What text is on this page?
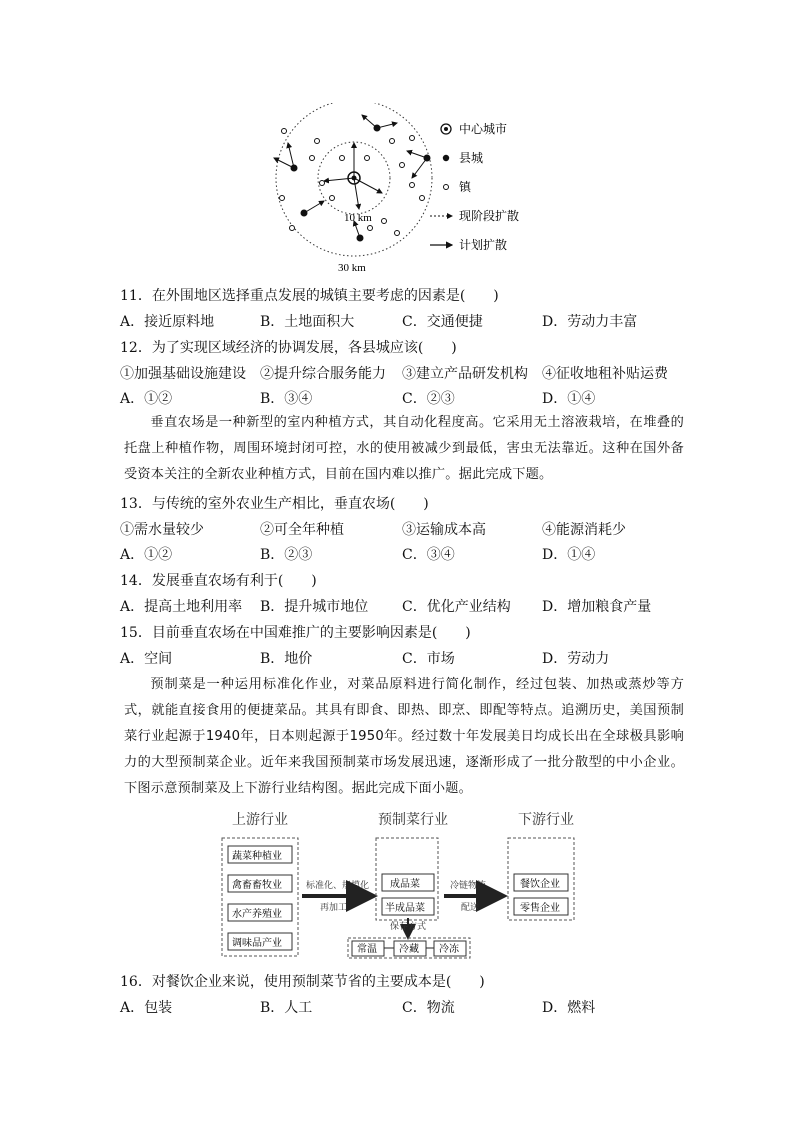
10 km
30 km
中心城市
县城
镇
现阶段扩散
计划扩散
11．在外围地区选择重点发展的城镇主要考虑的因素是(　　)
A．接近原料地	B．土地面积大	C．交通便捷	D．劳动力丰富
12．为了实现区域经济的协调发展，各县城应该(　　)
①加强基础设施建设 ②提升综合服务能力 ③建立产品研发机构 ④征收地租补贴运费
A．①②	B．③④	C．②③	D．①④
垂直农场是一种新型的室内种植方式，其自动化程度高。它采用无土溶液栽培，在堆叠的托盘上种植作物，周围环境封闭可控，水的使用被减少到最低，害虫无法靠近。这种在国外备受资本关注的全新农业种植方式，目前在国内难以推广。据此完成下题。
13．与传统的室外农业生产相比，垂直农场(　　)
①需水量较少	②可全年种植	③运输成本高	④能源消耗少
A．①②	B．②③	C．③④	D．①④
14．发展垂直农场有利于(　　)
A．提高土地利用率 B．提升城市地位 C．优化产业结构 D．增加粮食产量
15．目前垂直农场在中国难推广的主要影响因素是(　　)
A．空间	B．地价	C．市场	D．劳动力
预制菜是一种运用标准化作业，对菜品原料进行简化制作，经过包装、加热或蒸炒等方式，就能直接食用的便捷菜品。其具有即食、即热、即烹、即配等特点。追溯历史，美国预制菜行业起源于1940年，日本则起源于1950年。经过数十年发展美日均成长出在全球极具影响力的大型预制菜企业。近年来我国预制菜市场发展迅速，逐渐形成了一批分散型的中小企业。下图示意预制菜及上下游行业结构图。据此完成下面小题。
上游行业	预制菜行业	下游行业
蔬菜种植业
禽畜畜牧业
水产养殖业
调味品产业
标准化、规模化
再加工
成品菜
半成品菜
冷链物流
配送
餐饮企业
零售企业
保存方式
常温 冷藏 冷冻
16．对餐饮企业来说，使用预制菜节省的主要成本是(　　)
A．包装	B．人工	C．物流	D．燃料
